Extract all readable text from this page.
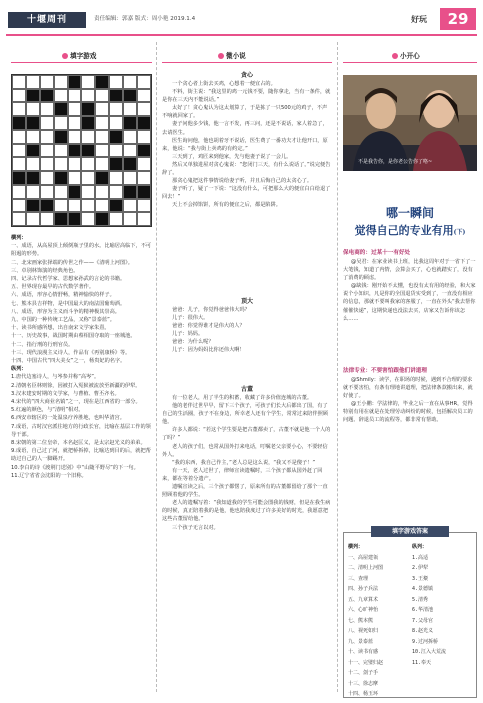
十堰周刊	责任编辑：郭嘉 版式：周小艳 2019.1.4	好玩	29
填字游戏

横列：

一、成语，从高屋顶上倾倒瓶子里的水。比喻居高临下，不可阻遏的形势。

二、北宋画家张择端的传世之作——《清明上河图》。

三、卓别林饰演的经典角色。

四、记录古代哲学家、思想家孙武的言论的书籍。

五、世界现存最早的古代数学著作。

六、成语，形容心情舒畅，精神愉快的样子。

七、熊本县吉祥物，是中国最大的南法国葡萄酒。

八、成语，形容为主义而斗争的精神极其崇高。

九、中国的一种传统工艺品，又称“景泰蓝”。

十、读书所感所想，出自南宋文学家朱熹。

十一、历史故事，战国时期由蔡相国夺取的一座城池。

十二、指行刑的行刑官员。

十三、现代浪漫主义诗人，作品有《再别康桥》等。

十四、中国古代“四大美女”之一，杨贵妃的名字。

纵列：

1.唐代边塞诗人，与岑参并称“高岑”。

2.清朝名臣林则徐，因被打入冤狱被流放至新疆的伊犁。

3.汉末建安时期的文学家，与曹植、曹丕齐名。

4.宋代的“四大商业名镇”之一，现在是江西省的一部分。

5.红遍的颜色，与“清明”相对。

6.西安市辖区的一处温泉疗养胜地，也叫华清宫。

7.成语，古时汉官派往地方的行政长官，比喻在基层工作的领导干部。

8.宋朝的第二位皇帝，本名赵匡义，是太宗赵光义的弟弟。

9.成语，自己过了河，就把桥拆掉，比喻达到目的后，就把帮助过自己的人一脚踢开。

10.李白的诗《渡荆门送别》中“山随平野尽”的下一句。

11.辽宁省省会沈阳的一个旧称。

微小说
贪心

一个贪心者上街去买鸡，心想着一便宜占的。

不料，街主说：“我这里的鸡一元钱不要，随你拿走，当有一条件，就是你在三天内不能说话。”

太好了！贪心鬼认为这太划算了，于是拣了一只500元的鸡子，不声不响就回家了。

妻子问他多少钱，他一言不发，再三问，还是不说话，家人着急了，去请医生。

医生询问他，他也胡着牙不说话，医生费了一番功夫才让他开口，原来，他说：“我与街上卖鸡的有约定。”

三天到了，鸡匠来到他家，先与他妻子说了一会儿。

然后又单独进屋对贪心鬼说：“您闭门三天，有什么说话了。”说完便告辞了。

那贪心鬼把这件事情说给妻子听，并且后悔自己的太贪心了。

妻子听了，疑了一下说：“这没有什么，可把那么大的便宜白白给退了回去！”

天上不会掉馅饼，所有的便宜之后，都是陷阱。

顶大

爸爸：儿子，你觉得爸爸伟大吗？

儿子：很伟大。

爸爸：你觉得谁才是伟大的人？

儿子：妈妈。

爸爸：为什么呢？

儿子：因为妈妈比你还伟大啊！

古董

有一位老人，用了半生的积蓄，收藏了许多价值连城的古董。

他的老伴过世早早，留下三个孩子，可孩子们长大后都出了国，有了自己的生活圈，孩子不在身边，所幸老人还有个学生，常常过来陪伴照顾他。

许多人都说：“若这个学生要是把古董都卖了，古董不就是他一个人的了吗？”

老人的孩子们，也常从国外打来电话，叮嘱老父亲要小心，不要轻信外人。

“我的东西，我自己作主，”老人总是这么说，“我又不是傻子！”

有一天，老人过世了，律师宣读遗嘱时，三个孩子都从国外赶了回来，都在等着分遗产。

遗嘱宣读之后，三个孩子都愣了，原来所有的古董都留给了那个一直照顾着他的学生。

老人的遗嘱写着：“我知道我的学生可能会图我的钱财，但是在我生病的时候，真正陪着我的是他，他也陪我度过了许多美好的时光，我愿意把这些古董留给他。”

三个孩子无言以对。

小开心
不是我告你，是你老公告你了咯~
哪一瞬间
觉得自己的专业有用(下)
保电商的：过某十一有好处

@吴君：在家业读书上班，比我这周年对于一省下了一大笔钱，知道了内情，会算会买了，心也就踏实了，没有了消费的顾虑。

@缺钱：刚开始不太懂，也没有太有用的经验，和大家说个小知识，凡是你的全国退货实受到了，一直没有相应的信息，那就不要叫我家的客服了，一直在外头“我去帮你催催快递”，这期快递也没法去买，店家又告诉你该怎么……

法律专业：不要害怕跟他们讲道理

@Shmily：读学，在职场的时候，遇到不合理的要求就不要害怕，有条有理地讲道理，把法律条款搬出来，就好使了。

@王小鹏：学法律的，毕业之后一直在从事HR，觉得特别有用在就是在处理劳动纠纷的时候，包括解决员工的问题、辞退员工的流程等，都非常有帮助。

填字游戏答案
横列：

一、高屋建瓴

二、清明上河图

三、查理

四、孙子兵法

五、九章算术

六、心旷神怡

七、熊本熊

八、视死如归

九、景泰蓝

十、读书有感

十一、完璧归赵

十二、刽子手

十三、徐志摩

十四、杨玉环

纵列：

1.高适

2.伊犁

3.王粲

4.景德镇

5.清秀

6.华清池

7.父母官

8.赵光义

9.过河拆桥

10.江入大荒流

11.奉天
